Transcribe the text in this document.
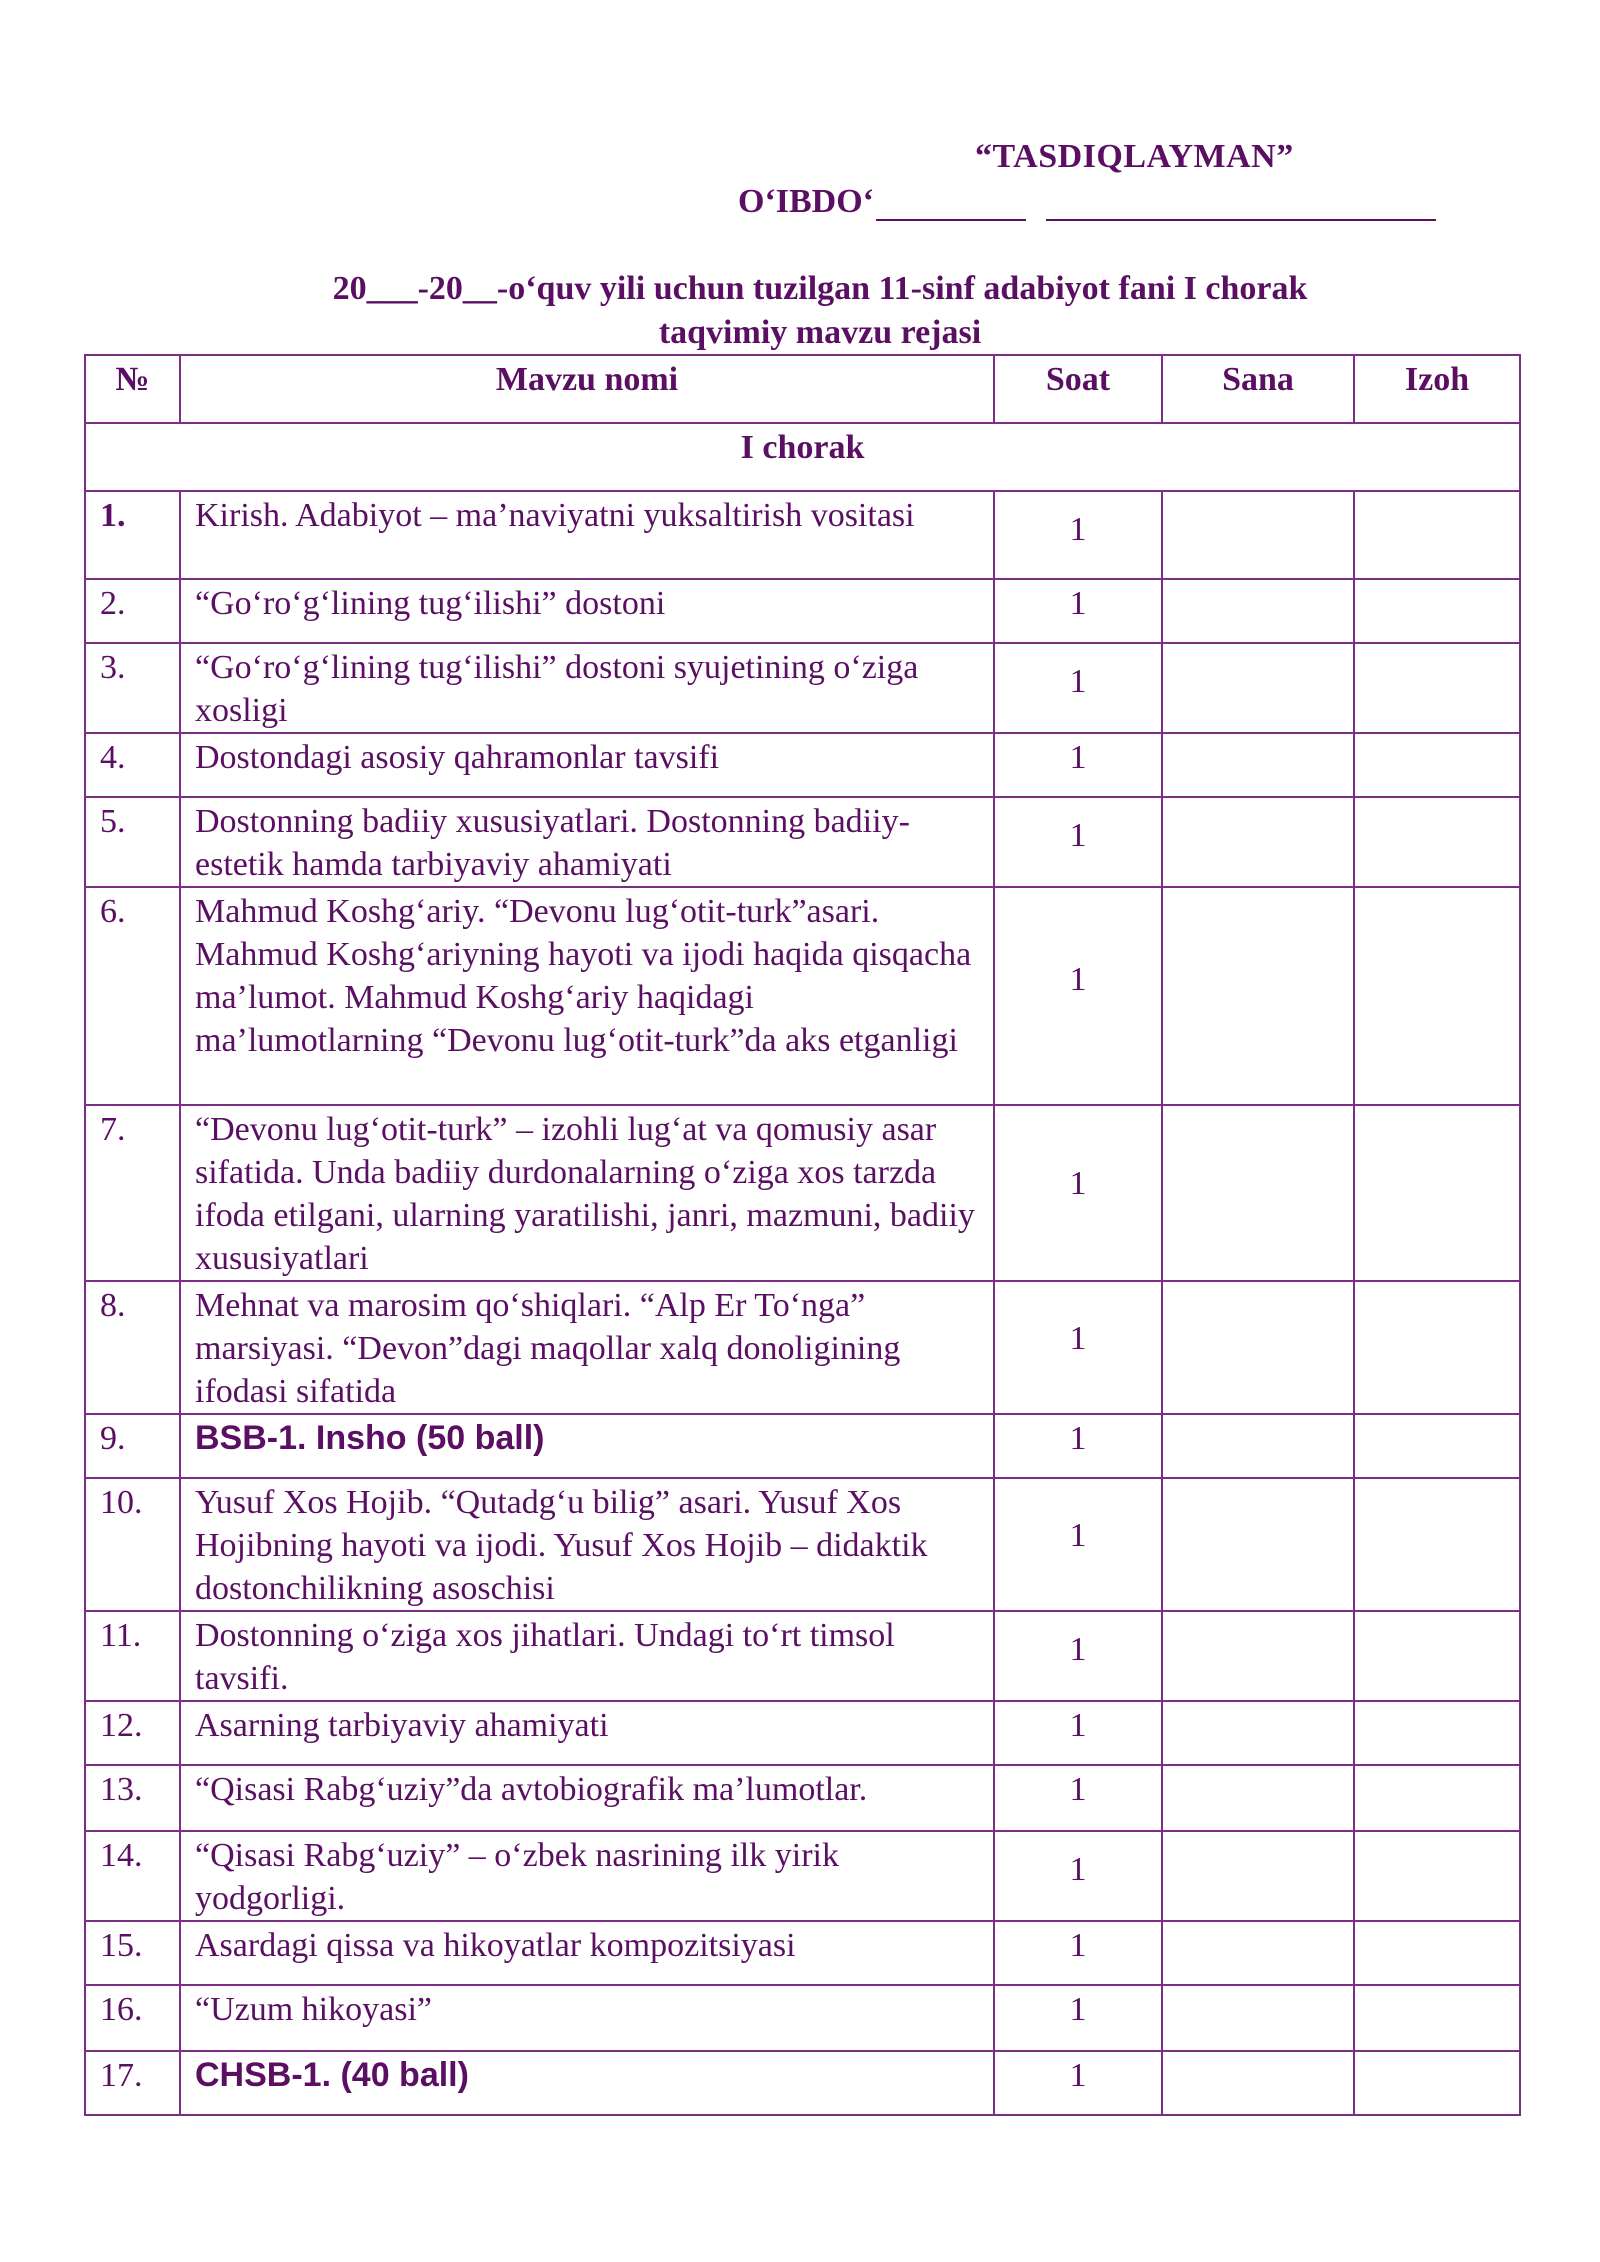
“TASDIQLAYMAN”
O‘IBDO‘
20___-20__-o‘quv yili uchun tuzilgan 11-sinf adabiyot fani I chorak
taqvimiy mavzu rejasi
№	Mavzu nomi	Soat	Sana	Izoh
I chorak				
1.	Kirish. Adabiyot – ma’naviyatni yuksaltirish vositasi	1		
2.	“Go‘ro‘g‘lining tug‘ilishi” dostoni	1		
3.	“Go‘ro‘g‘lining tug‘ilishi” dostoni syujetining o‘ziga xosligi	1		
4.	Dostondagi asosiy qahramonlar tavsifi	1		
5.	Dostonning badiiy xususiyatlari. Dostonning badiiy-estetik hamda tarbiyaviy ahamiyati	1		
6.	Mahmud Koshg‘ariy. “Devonu lug‘otit-turk”asari. Mahmud Koshg‘ariyning hayoti va ijodi haqida qisqacha ma’lumot. Mahmud Koshg‘ariy haqidagi ma’lumotlarning “Devonu lug‘otit-turk”da aks etganligi	1		
7.	“Devonu lug‘otit-turk” – izohli lug‘at va qomusiy asar sifatida. Unda badiiy durdonalarning o‘ziga xos tarzda ifoda etilgani, ularning yaratilishi, janri, mazmuni, badiiy xususiyatlari	1		
8.	Mehnat va marosim qo‘shiqlari. “Alp Er To‘nga” marsiyasi. “Devon”dagi maqollar xalq donoligining ifodasi sifatida	1		
9.	BSB-1. Insho (50 ball)	1		
10.	Yusuf Xos Hojib. “Qutadg‘u bilig” asari. Yusuf Xos Hojibning hayoti va ijodi. Yusuf Xos Hojib – didaktik dostonchilikning asoschisi	1		
11.	Dostonning o‘ziga xos jihatlari. Undagi to‘rt timsol tavsifi.	1		
12.	Asarning tarbiyaviy ahamiyati	1		
13.	“Qisasi Rabg‘uziy”da avtobiografik ma’lumotlar.	1		
14.	“Qisasi Rabg‘uziy” – o‘zbek nasrining ilk yirik yodgorligi.	1		
15.	Asardagi qissa va hikoyatlar kompozitsiyasi	1		
16.	“Uzum hikoyasi”	1		
17.	CHSB-1. (40 ball)	1		
